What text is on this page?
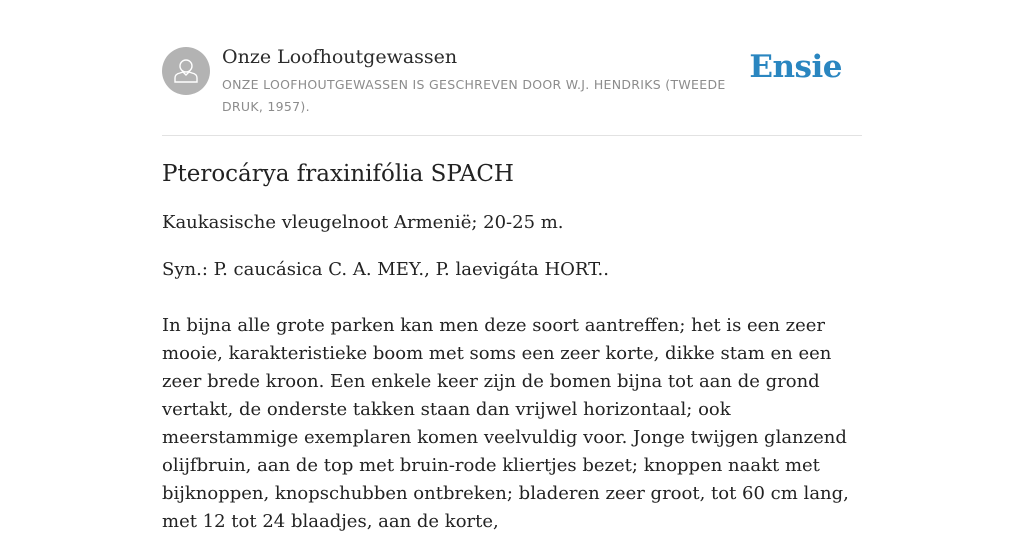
Onze Loofhoutgewassen
ONZE LOOFHOUTGEWASSEN IS GESCHREVEN DOOR W.J. HENDRIKS (TWEEDE DRUK, 1957).
Ensie
Pterocárya fraxinifólia SPACH

Kaukasische vleugelnoot Armenië; 20-25 m.

Syn.: P. caucásica C. A. MEY., P. laevigáta HORT..

In bijna alle grote parken kan men deze soort aantreffen; het is een zeer mooie, karakteristieke boom met soms een zeer korte, dikke stam en een zeer brede kroon. Een enkele keer zijn de bomen bijna tot aan de grond vertakt, de onderste takken staan dan vrijwel horizontaal; ook meerstammige exemplaren komen veelvuldig voor. Jonge twijgen glanzend olijfbruin, aan de top met bruin-rode kliertjes bezet; knoppen naakt met bijknoppen, knopschubben ontbreken; bladeren zeer groot, tot 60 cm lang, met 12 tot 24 blaadjes, aan de korte,
